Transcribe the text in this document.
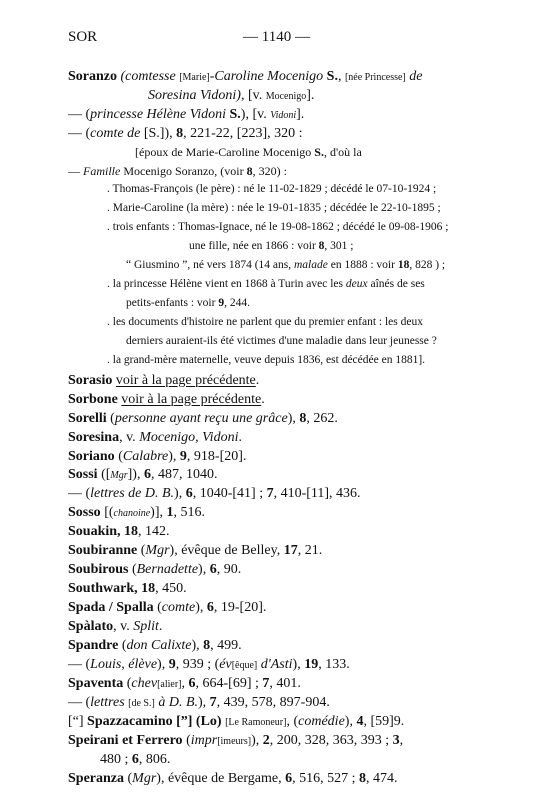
SOR	— 1140 —
Soranzo (comtesse [Marie]-Caroline Mocenigo S., [née Princesse] de
Soresina Vidoni), [v. Mocenigo].
— (princesse Hélène Vidoni S.), [v. Vidoni].
— (comte de [S.]), 8, 221-22, [223], 320 :
[époux de Marie-Caroline Mocenigo S., d'où la
— Famille Mocenigo Soranzo, (voir 8, 320) :
. Thomas-François (le père) : né le 11-02-1829 ; décédé le 07-10-1924 ;
. Marie-Caroline (la mère) : née le 19-01-1835 ; décédée le 22-10-1895 ;
. trois enfants : Thomas-Ignace, né le 19-08-1862 ; décédé le 09-08-1906 ;
une fille, née en 1866 : voir 8, 301 ;
“ Giusmino ”, né vers 1874 (14 ans, malade en 1888 : voir 18, 828 ) ;
. la princesse Hélène vient en 1868 à Turin avec les deux aînés de ses
petits-enfants : voir 9, 244.
. les documents d'histoire ne parlent que du premier enfant : les deux
derniers auraient-ils été victimes d'une maladie dans leur jeunesse ?
. la grand-mère maternelle, veuve depuis 1836, est décédée en 1881].
Sorasio voir à la page précédente.
Sorbone voir à la page précédente.
Sorelli (personne ayant reçu une grâce), 8, 262.
Soresina, v. Mocenigo, Vidoni.
Soriano (Calabre), 9, 918-[20].
Sossi ([Mgr]), 6, 487, 1040.
— (lettres de D. B.), 6, 1040-[41] ; 7, 410-[11], 436.
Sosso [(chanoine)], 1, 516.
Souakin, 18, 142.
Soubiranne (Mgr), évêque de Belley, 17, 21.
Soubirous (Bernadette), 6, 90.
Southwark, 18, 450.
Spada / Spalla (comte), 6, 19-[20].
Spàlato, v. Split.
Spandre (don Calixte), 8, 499.
— (Louis, élève), 9, 939 ; (év[êque] d'Asti), 19, 133.
Spaventa (chev[alier], 6, 664-[69] ; 7, 401.
— (lettres [de S.] à D. B.), 7, 439, 578, 897-904.
[“] Spazzacamino [”] (Lo) [Le Ramoneur], (comédie), 4, [59]9.
Speirani et Ferrero (impr[imeurs]), 2, 200, 328, 363, 393 ; 3,
480 ; 6, 806.
Speranza (Mgr), évêque de Bergame, 6, 516, 527 ; 8, 474.
